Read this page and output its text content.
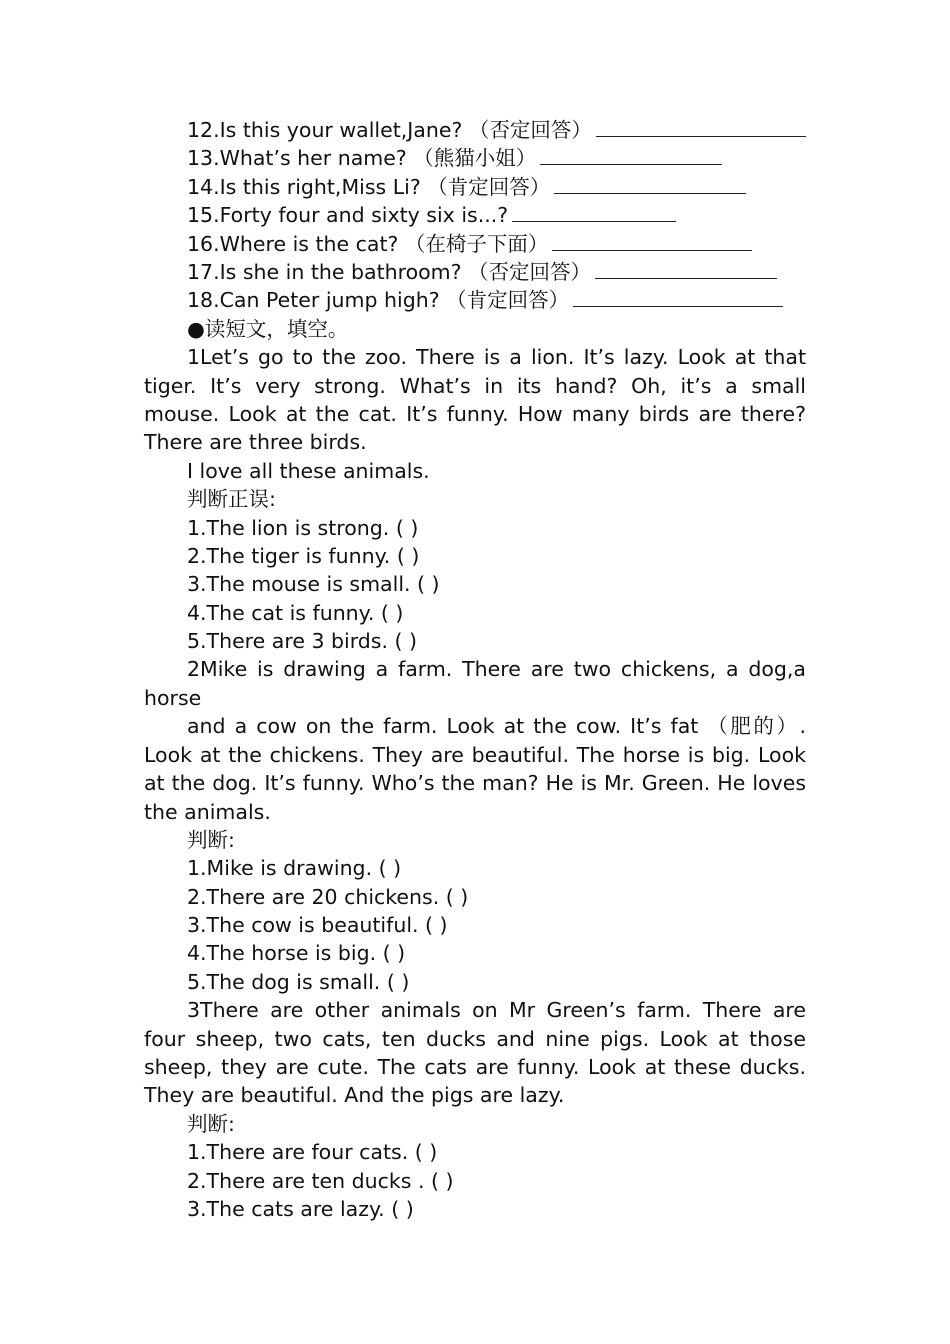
12.Is this your wallet,Jane? （否定回答）
13.What’s her name? （熊猫小姐）
14.Is this right,Miss Li? （肯定回答）
15.Forty four and sixty six is...?
16.Where is the cat? （在椅子下面）
17.Is she in the bathroom? （否定回答）
18.Can Peter jump high? （肯定回答）
●读短文，填空。
1Let’s go to the zoo. There is a lion. It’s lazy. Look at that tiger. It’s very strong. What’s in its hand? Oh, it’s a small mouse. Look at the cat. It’s funny. How many birds are there? There are three birds.
I love all these animals.
判断正误:
1.The lion is strong. ( )
2.The tiger is funny. ( )
3.The mouse is small. ( )
4.The cat is funny. ( )
5.There are 3 birds. ( )
2Mike is drawing a farm. There are two chickens, a dog,a horse
and a cow on the farm. Look at the cow. It’s fat （肥的）. Look at the chickens. They are beautiful. The horse is big. Look at the dog. It’s funny. Who’s the man? He is Mr. Green. He loves the animals.
判断:
1.Mike is drawing. ( )
2.There are 20 chickens. ( )
3.The cow is beautiful. ( )
4.The horse is big. ( )
5.The dog is small. ( )
3There are other animals on Mr Green’s farm. There are four sheep, two cats, ten ducks and nine pigs. Look at those sheep, they are cute. The cats are funny. Look at these ducks. They are beautiful. And the pigs are lazy.
判断:
1.There are four cats. ( )
2.There are ten ducks . ( )
3.The cats are lazy. ( )
